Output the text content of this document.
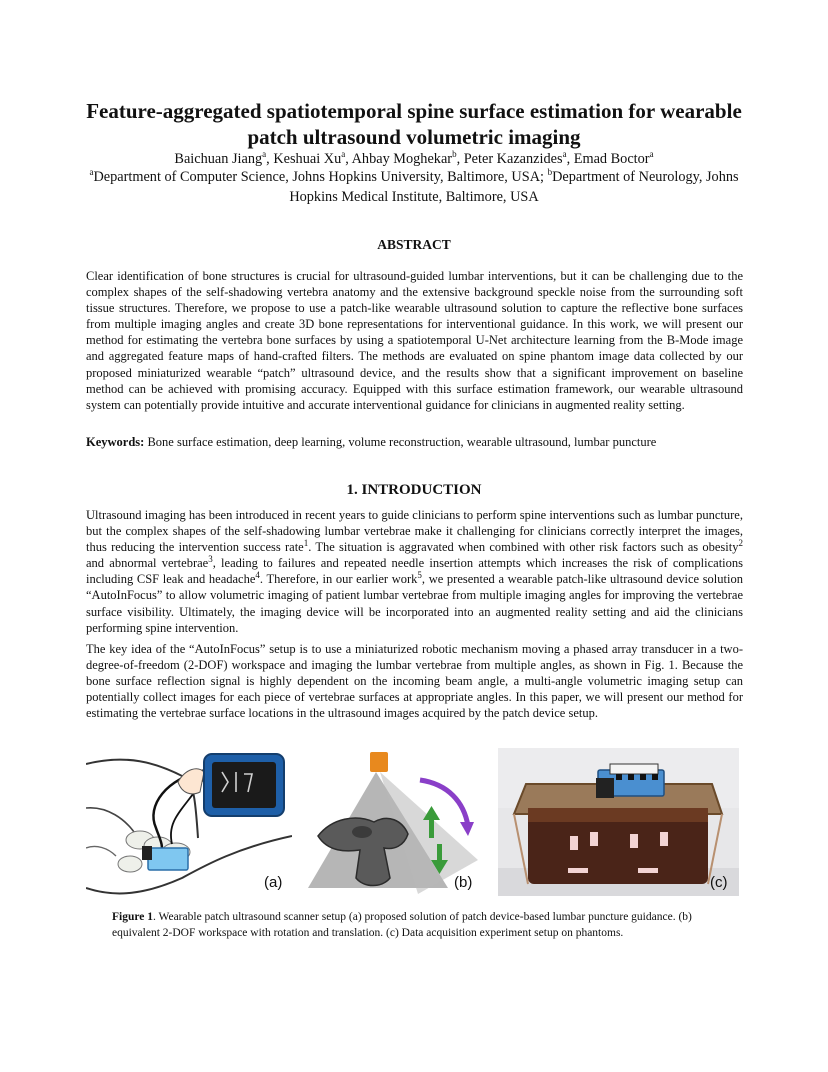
Feature-aggregated spatiotemporal spine surface estimation for wearable patch ultrasound volumetric imaging
Baichuan Jiang$^a$, Keshuai Xu$^a$, Ahbay Moghekar$^b$, Peter Kazanzides$^a$, Emad Boctor$^a$
$^a$Department of Computer Science, Johns Hopkins University, Baltimore, USA; $^b$Department of Neurology, Johns Hopkins Medical Institute, Baltimore, USA
ABSTRACT

Clear identification of bone structures is crucial for ultrasound-guided lumbar interventions, but it can be challenging due to the complex shapes of the self-shadowing vertebra anatomy and the extensive background speckle noise from the surrounding soft tissue structures. Therefore, we propose to use a patch-like wearable ultrasound solution to capture the reflective bone surfaces from multiple imaging angles and create 3D bone representations for interventional guidance. In this work, we will present our method for estimating the vertebra bone surfaces by using a spatiotemporal U-Net architecture learning from the B-Mode image and aggregated feature maps of hand-crafted filters. The methods are evaluated on spine phantom image data collected by our proposed miniaturized wearable “patch” ultrasound device, and the results show that a significant improvement on baseline method can be achieved with promising accuracy. Equipped with this surface estimation framework, our wearable ultrasound system can potentially provide intuitive and accurate interventional guidance for clinicians in augmented reality setting.

Keywords: Bone surface estimation, deep learning, volume reconstruction, wearable ultrasound, lumbar puncture

1. INTRODUCTION

Ultrasound imaging has been introduced in recent years to guide clinicians to perform spine interventions such as lumbar puncture, but the complex shapes of the self-shadowing lumbar vertebrae make it challenging for clinicians correctly interpret the images, thus reducing the intervention success rate$^1$. The situation is aggravated when combined with other risk factors such as obesity$^2$ and abnormal vertebrae$^3$, leading to failures and repeated needle insertion attempts which increases the risk of complications including CSF leak and headache$^4$. Therefore, in our earlier work$^5$, we presented a wearable patch-like ultrasound device solution “AutoInFocus” to allow volumetric imaging of patient lumbar vertebrae from multiple imaging angles for improving the vertebrae surface visibility. Ultimately, the imaging device will be incorporated into an augmented reality setting and aid the clinicians performing spine intervention.

The key idea of the “AutoInFocus” setup is to use a miniaturized robotic mechanism moving a phased array transducer in a two-degree-of-freedom (2-DOF) workspace and imaging the lumbar vertebrae from multiple angles, as shown in Fig. 1. Because the bone surface reflection signal is highly dependent on the incoming beam angle, a multi-angle volumetric imaging setup can potentially collect images for each piece of vertebrae surfaces at appropriate angles. In this paper, we will present our method for estimating the vertebrae surface locations in the ultrasound images acquired by the patch device setup.

(a)	(b)	(c)
Figure 1. Wearable patch ultrasound scanner setup (a) proposed solution of patch device-based lumbar puncture guidance. (b) equivalent 2-DOF workspace with rotation and translation. (c) Data acquisition experiment setup on phantoms.
